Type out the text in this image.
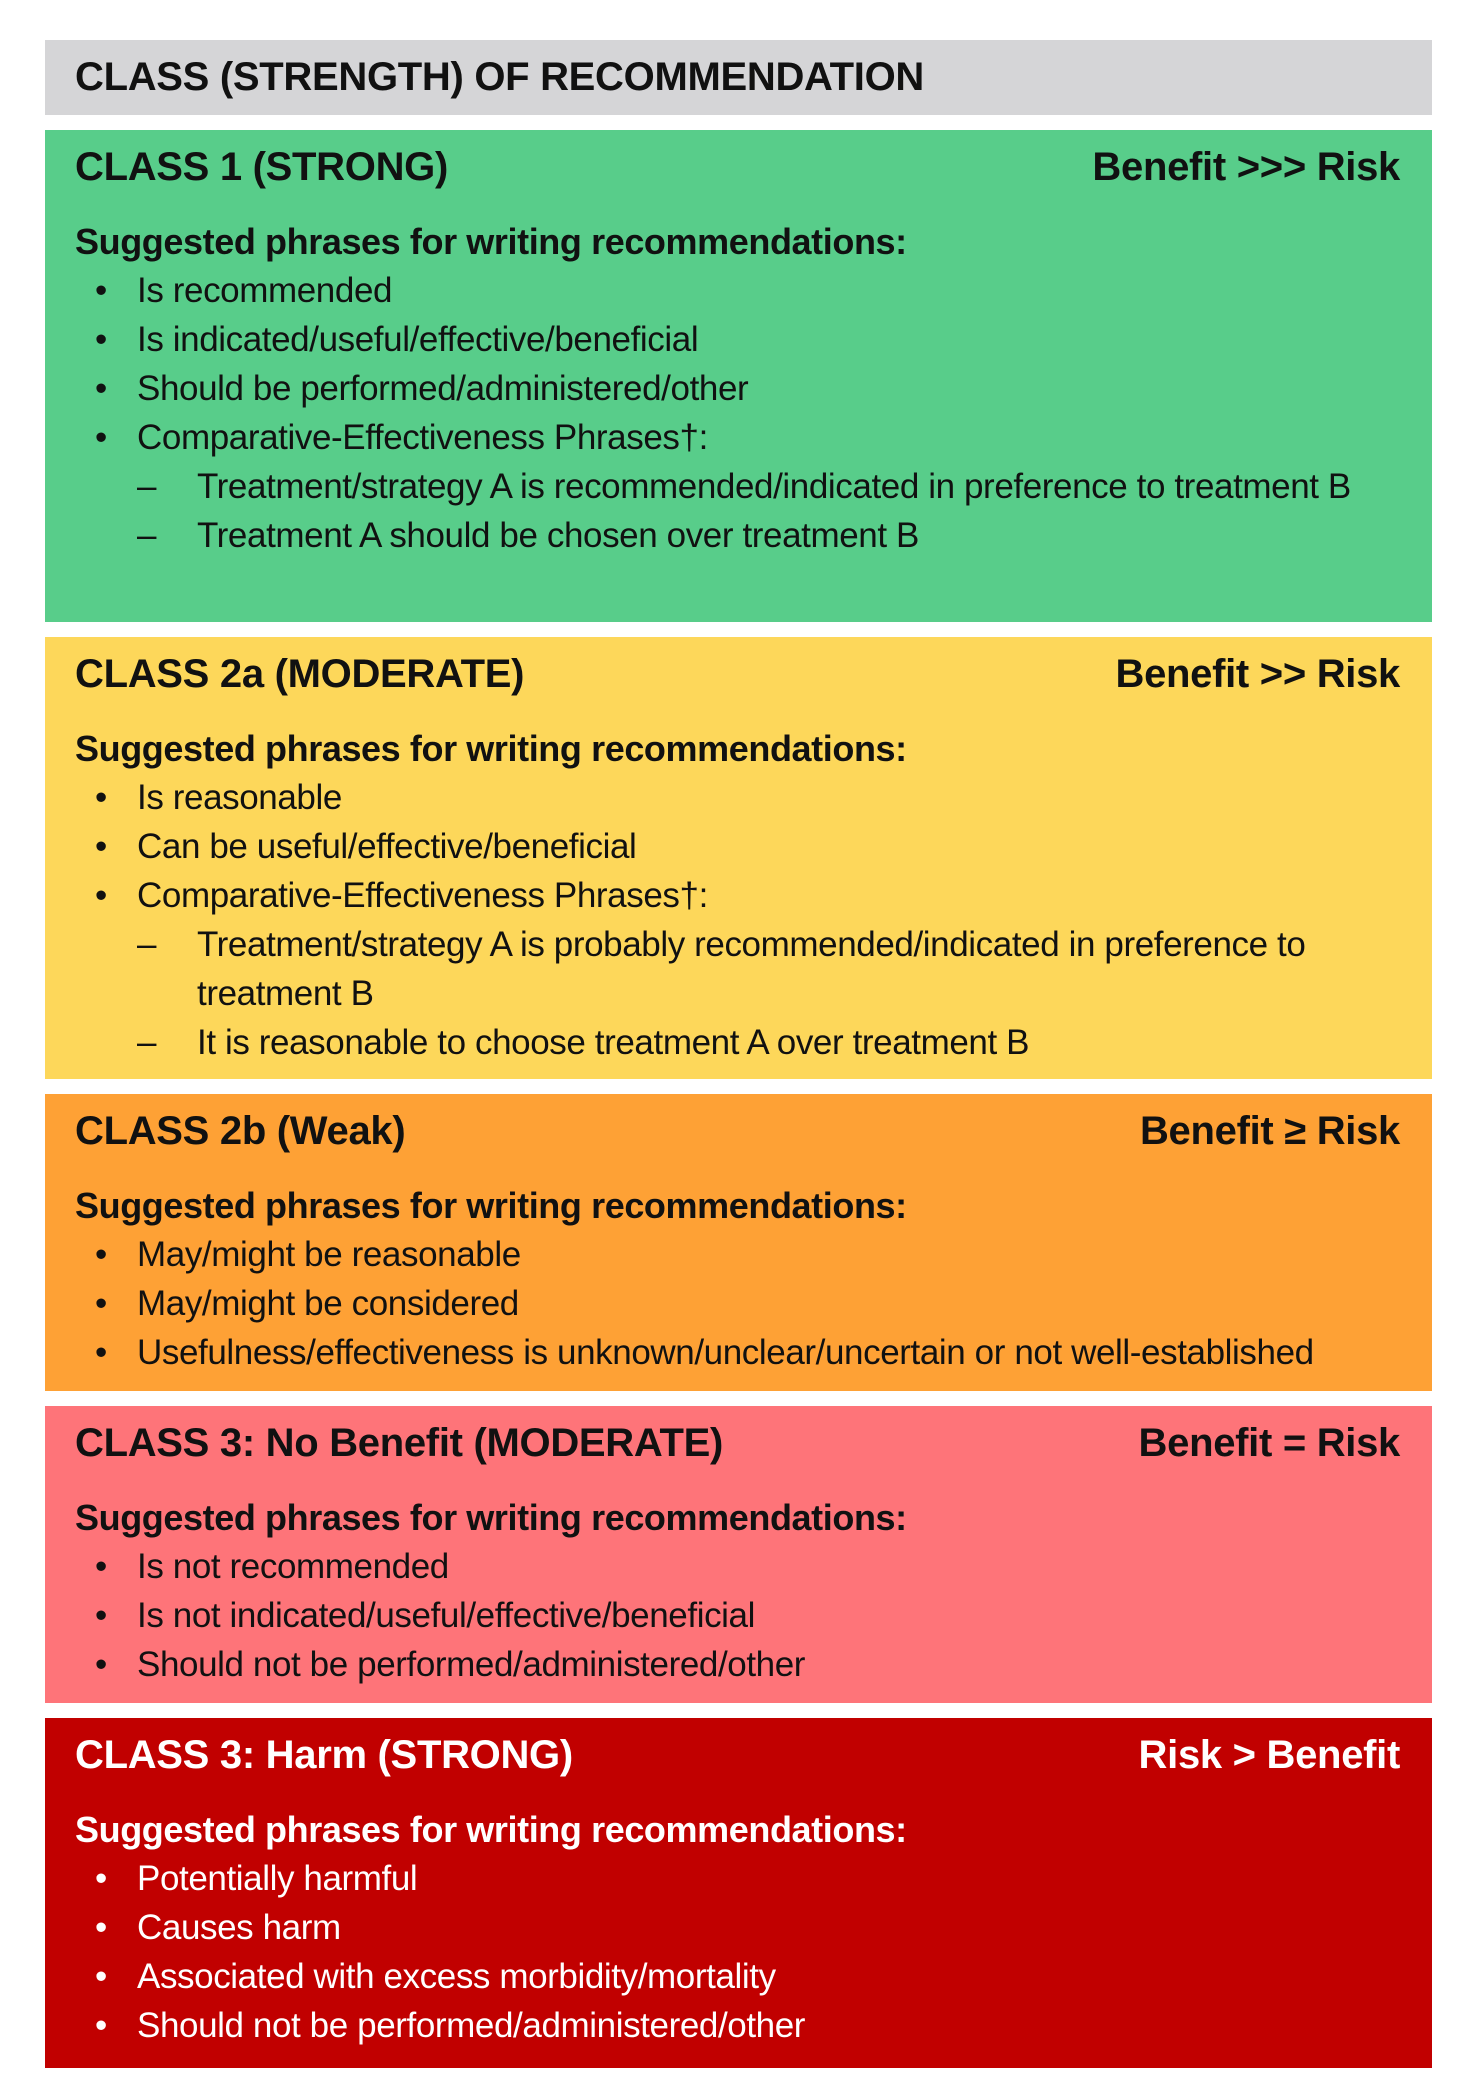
CLASS (STRENGTH) OF RECOMMENDATION
CLASS 1 (STRONG)	Benefit >>> Risk
Suggested phrases for writing recommendations:
• Is recommended
• Is indicated/useful/effective/beneficial
• Should be performed/administered/other
• Comparative-Effectiveness Phrases†:
– Treatment/strategy A is recommended/indicated in preference to treatment B
– Treatment A should be chosen over treatment B
CLASS 2a (MODERATE)	Benefit >> Risk
Suggested phrases for writing recommendations:
• Is reasonable
• Can be useful/effective/beneficial
• Comparative-Effectiveness Phrases†:
– Treatment/strategy A is probably recommended/indicated in preference to treatment B
– It is reasonable to choose treatment A over treatment B
CLASS 2b (Weak)	Benefit ≥ Risk
Suggested phrases for writing recommendations:
• May/might be reasonable
• May/might be considered
• Usefulness/effectiveness is unknown/unclear/uncertain or not well-established
CLASS 3: No Benefit (MODERATE)	Benefit = Risk
Suggested phrases for writing recommendations:
• Is not recommended
• Is not indicated/useful/effective/beneficial
• Should not be performed/administered/other
CLASS 3: Harm (STRONG)	Risk > Benefit
Suggested phrases for writing recommendations:
• Potentially harmful
• Causes harm
• Associated with excess morbidity/mortality
• Should not be performed/administered/other
